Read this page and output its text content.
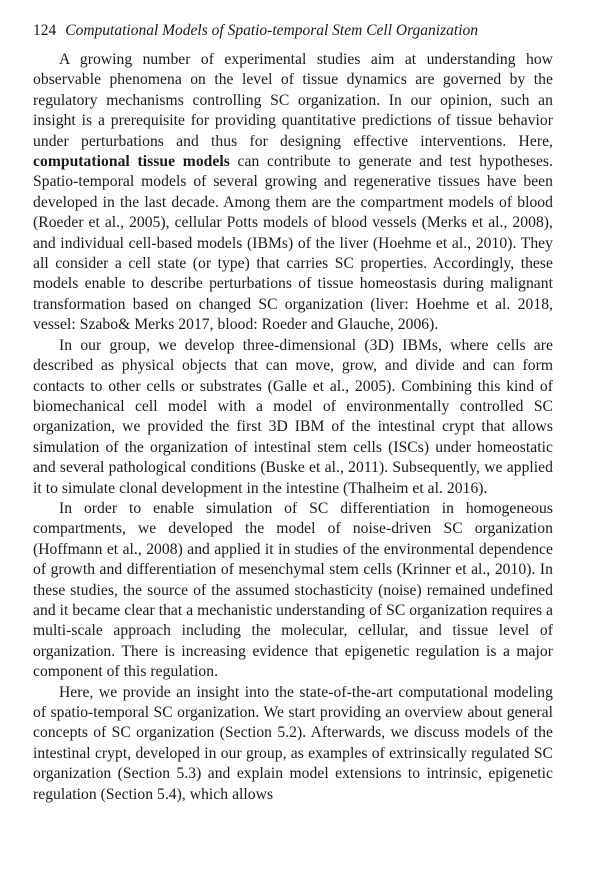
124 Computational Models of Spatio-temporal Stem Cell Organization

A growing number of experimental studies aim at understanding how observable phenomena on the level of tissue dynamics are governed by the regulatory mechanisms controlling SC organization. In our opinion, such an insight is a prerequisite for providing quantitative predictions of tissue behavior under perturbations and thus for designing effective interventions. Here, computational tissue models can contribute to generate and test hypotheses. Spatio-temporal models of several growing and regenerative tissues have been developed in the last decade. Among them are the compartment models of blood (Roeder et al., 2005), cellular Potts models of blood vessels (Merks et al., 2008), and individual cell-based models (IBMs) of the liver (Hoehme et al., 2010). They all consider a cell state (or type) that carries SC properties. Accordingly, these models enable to describe perturbations of tissue homeostasis during malignant transformation based on changed SC organization (liver: Hoehme et al. 2018, vessel: Szabo& Merks 2017, blood: Roeder and Glauche, 2006).

In our group, we develop three-dimensional (3D) IBMs, where cells are described as physical objects that can move, grow, and divide and can form contacts to other cells or substrates (Galle et al., 2005). Combining this kind of biomechanical cell model with a model of environmentally controlled SC organization, we provided the first 3D IBM of the intestinal crypt that allows simulation of the organization of intestinal stem cells (ISCs) under homeostatic and several pathological conditions (Buske et al., 2011). Subsequently, we applied it to simulate clonal development in the intestine (Thalheim et al. 2016).

In order to enable simulation of SC differentiation in homogeneous compartments, we developed the model of noise-driven SC organization (Hoffmann et al., 2008) and applied it in studies of the environmental dependence of growth and differentiation of mesenchymal stem cells (Krinner et al., 2010). In these studies, the source of the assumed stochasticity (noise) remained undefined and it became clear that a mechanistic understanding of SC organization requires a multi-scale approach including the molecular, cellular, and tissue level of organization. There is increasing evidence that epigenetic regulation is a major component of this regulation.

Here, we provide an insight into the state-of-the-art computational modeling of spatio-temporal SC organization. We start providing an overview about general concepts of SC organization (Section 5.2). Afterwards, we discuss models of the intestinal crypt, developed in our group, as examples of extrinsically regulated SC organization (Section 5.3) and explain model extensions to intrinsic, epigenetic regulation (Section 5.4), which allows
